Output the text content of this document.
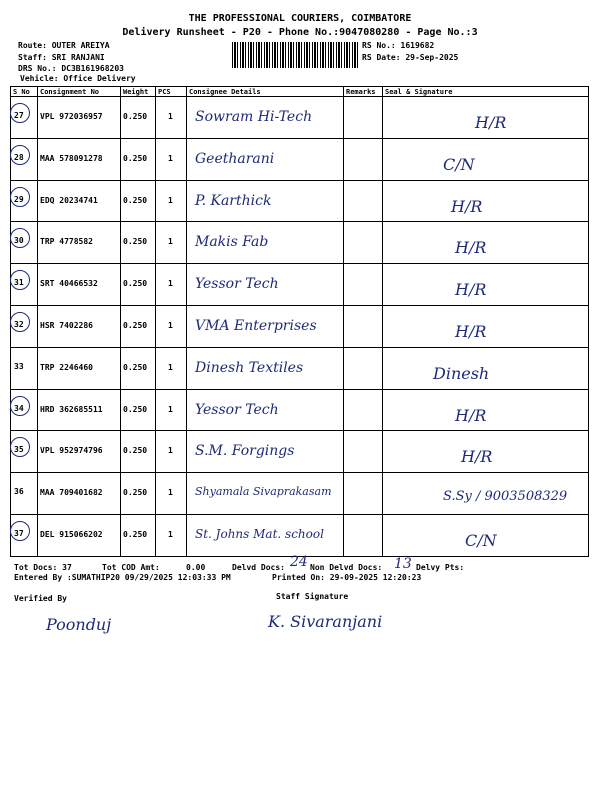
THE PROFESSIONAL COURIERS, COIMBATORE
Delivery Runsheet - P20 - Phone No.:9047080280 - Page No.:3
Route: OUTER AREIYA
Staff: SRI RANJANI
DRS No.: DC3B161968203
Vehicle: Office Delivery
RS No.: 1619682
RS Date: 29-Sep-2025
S No	Consignment No	Weight	PCS	Consignee Details	Remarks	Seal & Signature

27	VPL 972036957	0.250	1	Sowram Hi-Tech		H/R

28	MAA 578091278	0.250	1	Geetharani		C/N

29	EDQ 20234741	0.250	1	P. Karthick		H/R

30	TRP 4778582	0.250	1	Makis Fab		H/R

31	SRT 40466532	0.250	1	Yessor Tech		H/R

32	HSR 7402286	0.250	1	VMA Enterprises		H/R

33	TRP 2246460	0.250	1	Dinesh Textiles		Dinesh

34	HRD 362685511	0.250	1	Yessor Tech		H/R

35	VPL 952974796	0.250	1	S.M. Forgings		H/R

36	MAA 709401682	0.250	1	Shyamala Sivaprakasam		S.Sy / 9003508329

37	DEL 915066202	0.250	1	St. Johns Mat. school		C/N
Tot Docs: 37	Tot COD Amt:	0.00	Delvd Docs: 24 Non Delvd Docs: 13 Delvy Pts:
Entered By :SUMATHIP20 09/29/2025 12:03:33 PM	Printed On: 29-09-2025 12:20:23
Verified By	Staff Signature
Poonduj	K. Sivaranjani
